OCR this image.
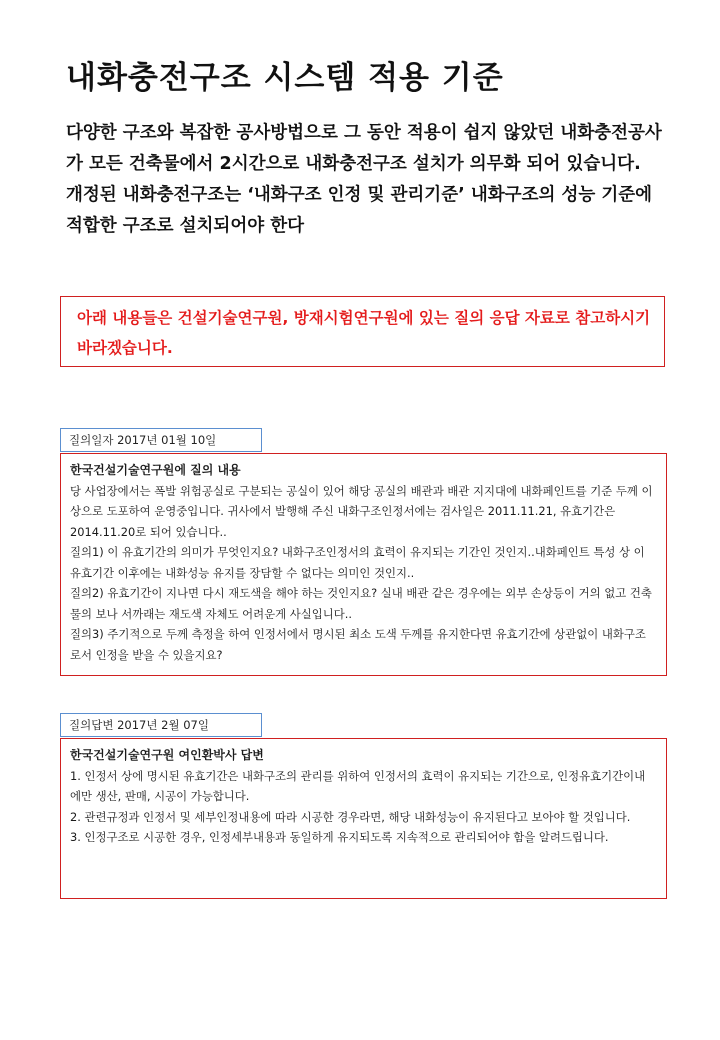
내화충전구조 시스템 적용 기준

다양한 구조와 복잡한 공사방법으로 그 동안 적용이 쉽지 않았던 내화충전공사가 모든 건축물에서 2시간으로 내화충전구조 설치가 의무화 되어 있습니다.

개정된 내화충전구조는 ‘내화구조 인정 및 관리기준’ 내화구조의 성능 기준에 적합한 구조로 설치되어야 한다

아래 내용들은 건설기술연구원, 방재시험연구원에 있는 질의 응답 자료로 참고하시기 바라겠습니다.
질의일자 2017년 01월 10일

한국건설기술연구원에 질의 내용

당 사업장에서는 폭발 위험공실로 구분되는 공실이 있어 해당 공실의 배관과 배관 지지대에 내화페인트를 기준 두께 이상으로 도포하여 운영중입니다. 귀사에서 발행해 주신 내화구조인정서에는 검사일은 2011.11.21, 유효기간은 2014.11.20로 되어 있습니다..

질의1) 이 유효기간의 의미가 무엇인지요? 내화구조인정서의 효력이 유지되는 기간인 것인지..내화페인트 특성 상 이 유효기간 이후에는 내화성능 유지를 장담할 수 없다는 의미인 것인지..

질의2) 유효기간이 지나면 다시 재도색을 해야 하는 것인지요? 실내 배관 같은 경우에는 외부 손상등이 거의 없고 건축물의 보나 서까래는 재도색 자체도 어려운게 사실입니다..

질의3) 주기적으로 두께 측정을 하여 인정서에서 명시된 최소 도색 두께를 유지한다면 유효기간에 상관없이 내화구조로서 인정을 받을 수 있을지요?

질의답변 2017년 2월 07일

한국건설기술연구원 여인환박사 답변

1. 인정서 상에 명시된 유효기간은 내화구조의 관리를 위하여 인정서의 효력이 유지되는 기간으로, 인정유효기간이내에만 생산, 판매, 시공이 가능합니다.

2. 관련규정과 인정서 및 세부인정내용에 따라 시공한 경우라면, 해당 내화성능이 유지된다고 보아야 할 것입니다.

3. 인정구조로 시공한 경우, 인정세부내용과 동일하게 유지되도록 지속적으로 관리되어야 함을 알려드립니다.
